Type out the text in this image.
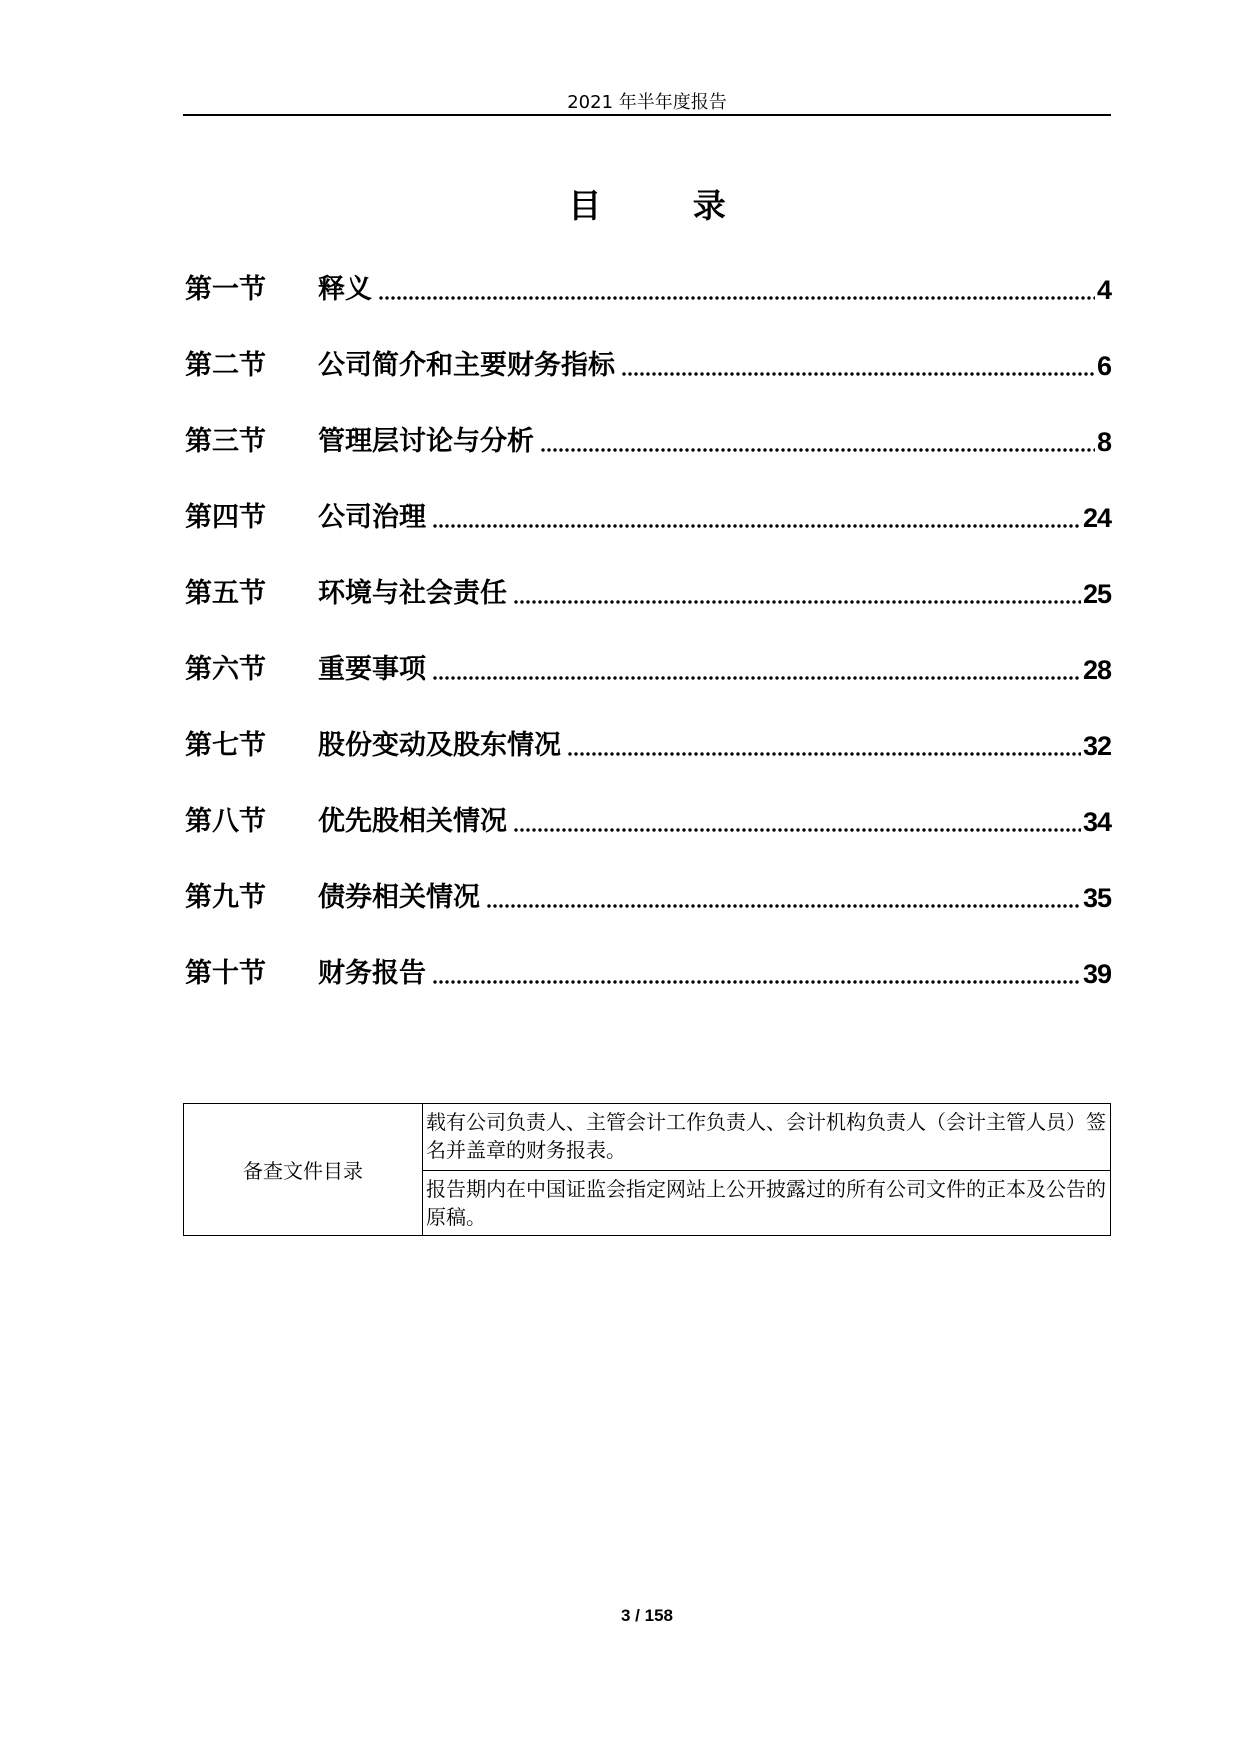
2021 年半年度报告
目 录
第一节	释义	4
第二节	公司简介和主要财务指标	6
第三节	管理层讨论与分析	8
第四节	公司治理	24
第五节	环境与社会责任	25
第六节	重要事项	28
第七节	股份变动及股东情况	32
第八节	优先股相关情况	34
第九节	债券相关情况	35
第十节	财务报告	39
备查文件目录
载有公司负责人、主管会计工作负责人、会计机构负责人（会计主管人员）签名并盖章的财务报表。
报告期内在中国证监会指定网站上公开披露过的所有公司文件的正本及公告的原稿。
3 / 158
